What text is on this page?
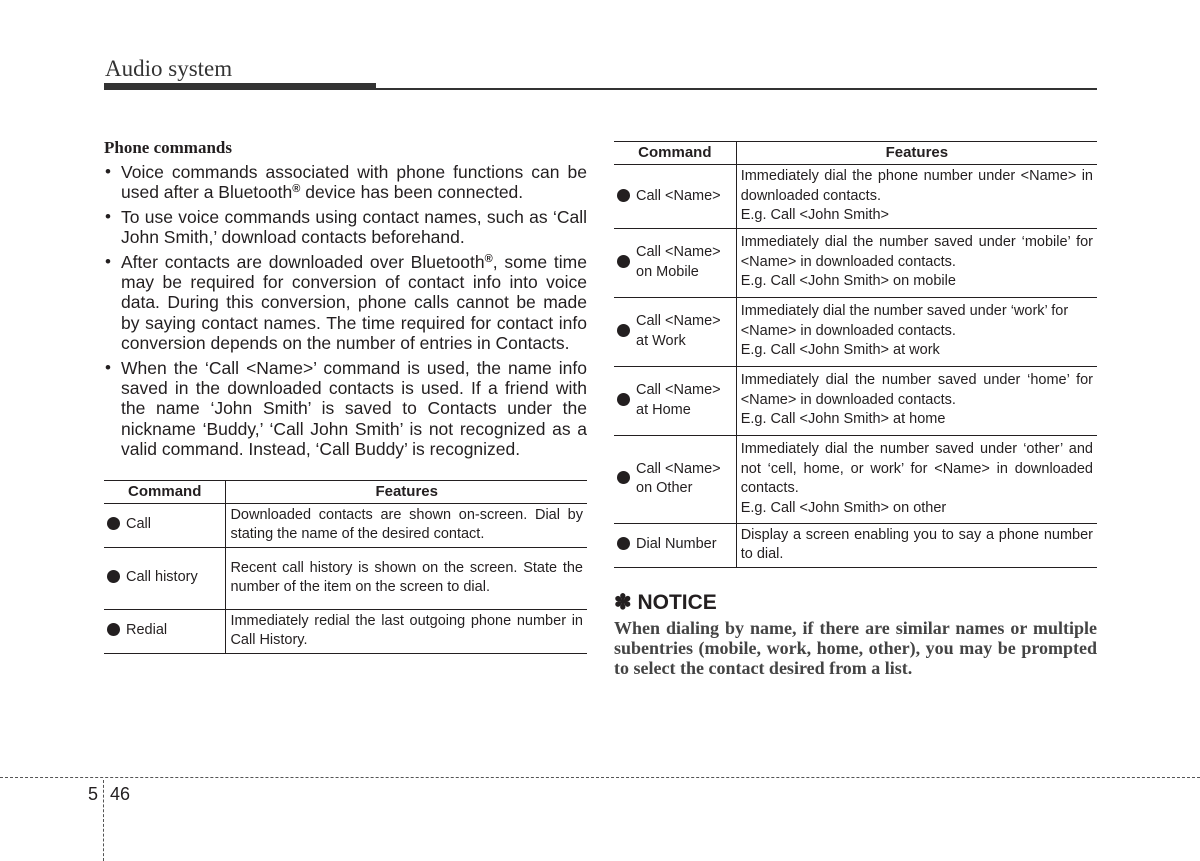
Audio system
Phone commands
• Voice commands associated with phone functions can be used after a Bluetooth® device has been connected.
• To use voice commands using contact names, such as ‘Call John Smith,’ download contacts beforehand.
• After contacts are downloaded over Bluetooth®, some time may be required for conversion of contact info into voice data. During this conversion, phone calls cannot be made by saying contact names. The time required for contact info conversion depends on the number of entries in Contacts.
• When the ‘Call <Name>’ command is used, the name info saved in the downloaded contacts is used. If a friend with the name ‘John Smith’ is saved to Contacts under the nickname ‘Buddy,’ ‘Call John Smith’ is not recognized as a valid command. Instead, ‘Call Buddy’ is recognized.
Command		Features
	Call	Downloaded contacts are shown on-screen. Dial by stating the name of the desired contact.
	Call history	Recent call history is shown on the screen. State the number of the item on the screen to dial.
	Redial	Immediately redial the last outgoing phone number in Call History.
Command		Features
	Call <Name>	Immediately dial the phone number under <Name> in downloaded contacts.
E.g. Call <John Smith>

	Call <Name> on Mobile	Immediately dial the number saved under ‘mobile’ for <Name> in downloaded contacts.
E.g. Call <John Smith> on mobile

	Call <Name> at Work	Immediately dial the number saved under ‘work’ for <Name> in downloaded contacts.
E.g. Call <John Smith> at work

	Call <Name> at Home	Immediately dial the number saved under ‘home’ for <Name> in downloaded contacts.
E.g. Call <John Smith> at home

	Call <Name> on Other	Immediately dial the number saved under ‘other’ and not ‘cell, home, or work’ for <Name> in downloaded contacts.
E.g. Call <John Smith> on other

	Dial Number	Display a screen enabling you to say a phone number to dial.
✽ NOTICE
When dialing by name, if there are similar names or multiple subentries (mobile, work, home, other), you may be prompted to select the contact desired from a list.
5 46
